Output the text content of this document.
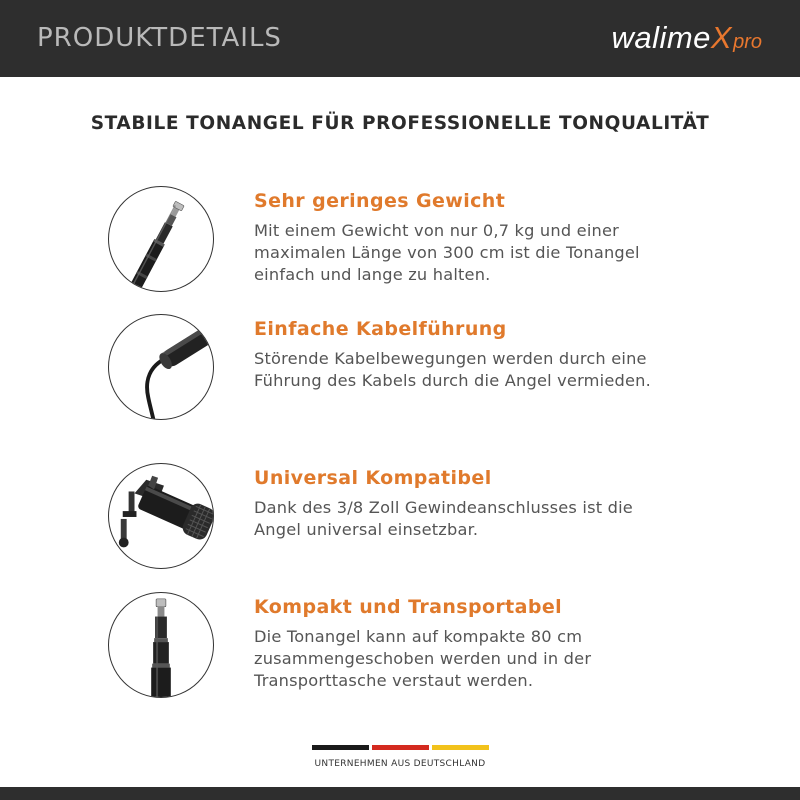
PRODUKTDETAILS	walime X pro
STABILE TONANGEL FÜR PROFESSIONELLE TONQUALITÄT
Sehr geringes Gewicht
Mit einem Gewicht von nur 0,7 kg und einer
maximalen Länge von 300 cm ist die Tonangel
einfach und lange zu halten.
Einfache Kabelführung
Störende Kabelbewegungen werden durch eine
Führung des Kabels durch die Angel vermieden.
Universal Kompatibel
Dank des 3/8 Zoll Gewindeanschlusses ist die
Angel universal einsetzbar.
Kompakt und Transportabel
Die Tonangel kann auf kompakte 80 cm
zusammengeschoben werden und in der
Transporttasche verstaut werden.
UNTERNEHMEN AUS DEUTSCHLAND
